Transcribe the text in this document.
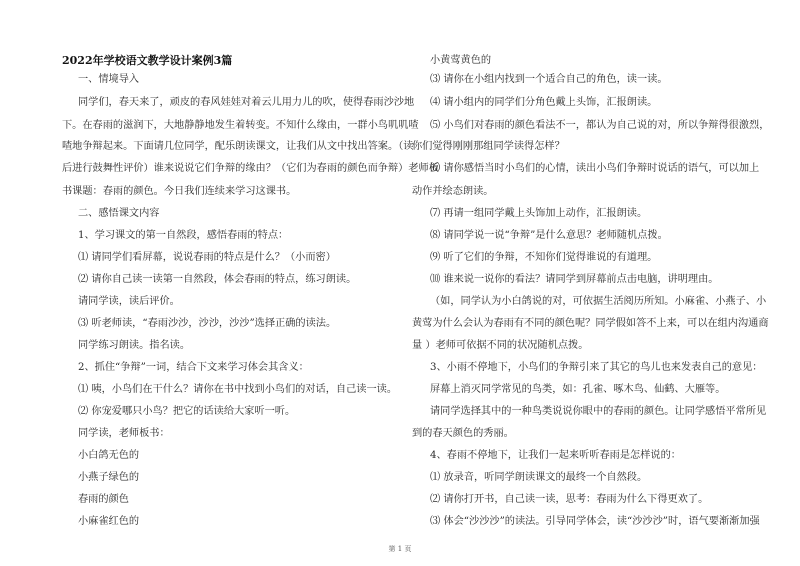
2022年学校语文教学设计案例3篇
一、情境导入
同学们，春天来了，顽皮的春风娃娃对着云儿用力儿的吹，使得春雨沙沙地
下。在春雨的滋润下，大地静静地发生着转变。不知什么缘由，一群小鸟叽叽喳
喳地争辩起来。下面请几位同学，配乐朗读课文，让我们从文中找出答案。（读
后进行鼓舞性评价）谁来说说它们争辩的缘由？（它们为春雨的颜色而争辩）老师板
书课题：春雨的颜色。今日我们连续来学习这课书。
二、感悟课文内容
1、学习课文的第一自然段，感悟春雨的特点：
⑴ 请同学们看屏幕，说说春雨的特点是什么？（小而密）
⑵ 请你自己读一读第一自然段，体会春雨的特点，练习朗读。
请同学读，读后评价。
⑶ 听老师读，“春雨沙沙，沙沙，沙沙”选择正确的读法。
同学练习朗读。指名读。
2、抓住“争辩”一词，结合下文来学习体会其含义：
⑴ 咦，小鸟们在干什么？请你在书中找到小鸟们的对话，自己读一读。
⑵ 你宠爱哪只小鸟？把它的话读给大家听一听。
同学读，老师板书：
小白鸽无色的
小燕子绿色的
春雨的颜色
小麻雀红色的
小黄莺黄色的
⑶ 请你在小组内找到一个适合自己的角色，读一读。
⑷ 请小组内的同学们分角色戴上头饰，汇报朗读。
⑸ 小鸟们对春雨的颜色看法不一，都认为自己说的对，所以争辩得很激烈，
你们觉得刚刚那组同学读得怎样？
⑹ 请你感悟当时小鸟们的心情，读出小鸟们争辩时说话的语气，可以加上
动作并绘态朗读。
⑺ 再请一组同学戴上头饰加上动作，汇报朗读。
⑻ 请同学说一说“争辩”是什么意思？老师随机点拨。
⑼ 听了它们的争辩，不知你们觉得谁说的有道理。
⑽ 谁来说一说你的看法？请同学到屏幕前点击电脑，讲明理由。
（如，同学认为小白鸽说的对，可依据生活阅历所知。小麻雀、小燕子、小
黄莺为什么会认为春雨有不同的颜色呢？同学假如答不上来，可以在组内沟通商
量 ）老师可依据不同的状况随机点拨。
3、小雨不停地下，小鸟们的争辩引来了其它的鸟儿也来发表自己的意见：
屏幕上消灭同学常见的鸟类，如：孔雀、啄木鸟、仙鹤、大雁等。
请同学选择其中的一种鸟类说说你眼中的春雨的颜色。让同学感悟平常所见
到的春天颜色的秀丽。
4、春雨不停地下，让我们一起来听听春雨是怎样说的：
⑴ 放录音，听同学朗读课文的最终一个自然段。
⑵ 请你打开书，自己读一读，思考：春雨为什么下得更欢了。
⑶ 体会“沙沙沙”的读法。引导同学体会，读“沙沙沙”时，语气要渐渐加强
第 1 页
